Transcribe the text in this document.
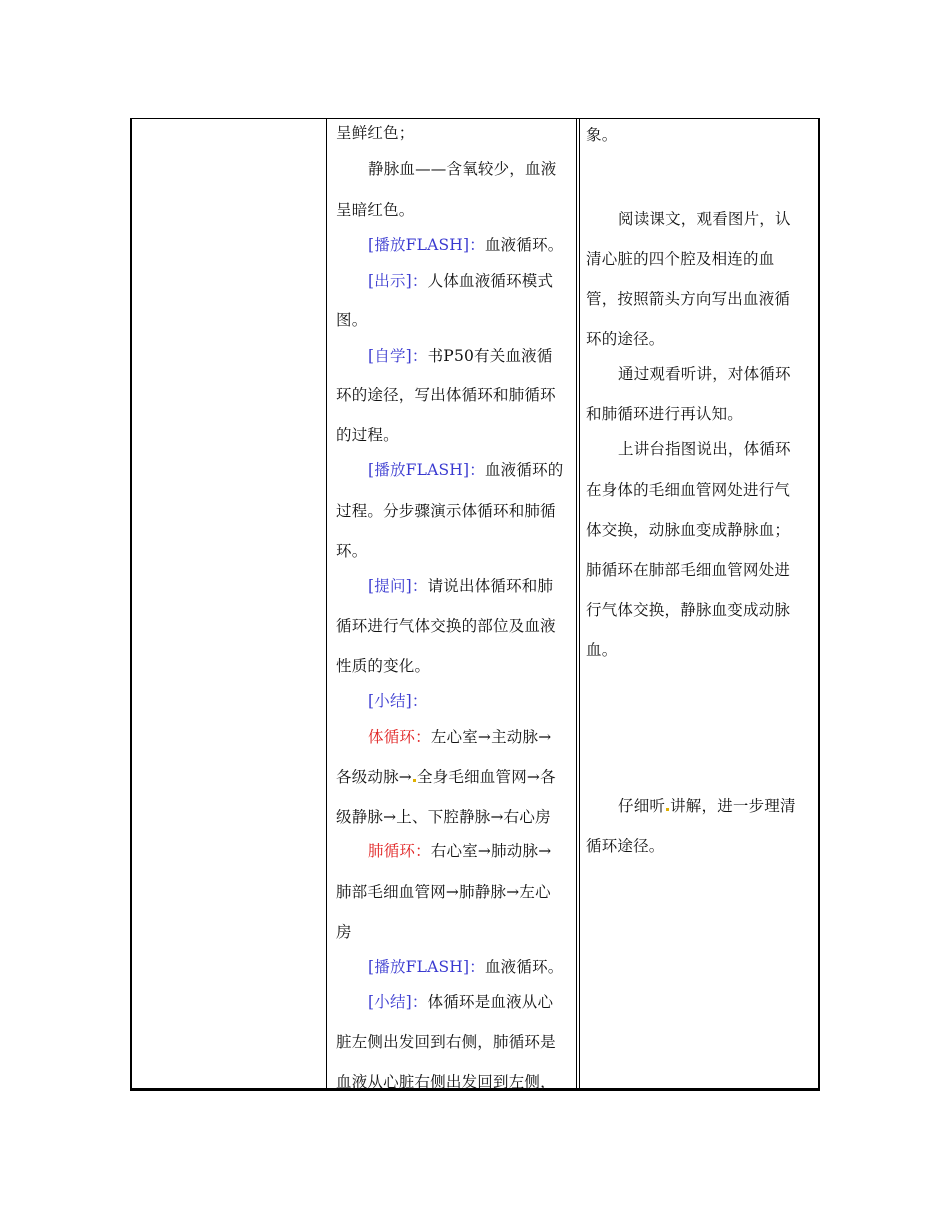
呈鲜红色；
静脉血——含氧较少，血液
呈暗红色。
[播放FLASH]：血液循环。
[出示]：人体血液循环模式
图。
[自学]：书P50有关血液循
环的途径，写出体循环和肺循环
的过程。
[播放FLASH]：血液循环的
过程。分步骤演示体循环和肺循
环。
[提问]：请说出体循环和肺
循环进行气体交换的部位及血液
性质的变化。
[小结]：
体循环：左心室→主动脉→
各级动脉→ 全身毛细血管网→各
级静脉→上、下腔静脉→右心房
肺循环：右心室→肺动脉→
肺部毛细血管网→肺静脉→左心
房
[播放FLASH]：血液循环。
[小结]：体循环是血液从心
脏左侧出发回到右侧，肺循环是
血液从心脏右侧出发回到左侧，
象。
阅读课文，观看图片，认
清心脏的四个腔及相连的血
管，按照箭头方向写出血液循
环的途径。
通过观看听讲，对体循环
和肺循环进行再认知。
上讲台指图说出，体循环
在身体的毛细血管网处进行气
体交换，动脉血变成静脉血；
肺循环在肺部毛细血管网处进
行气体交换，静脉血变成动脉
血。
仔细听 讲解，进一步理清
循环途径。
